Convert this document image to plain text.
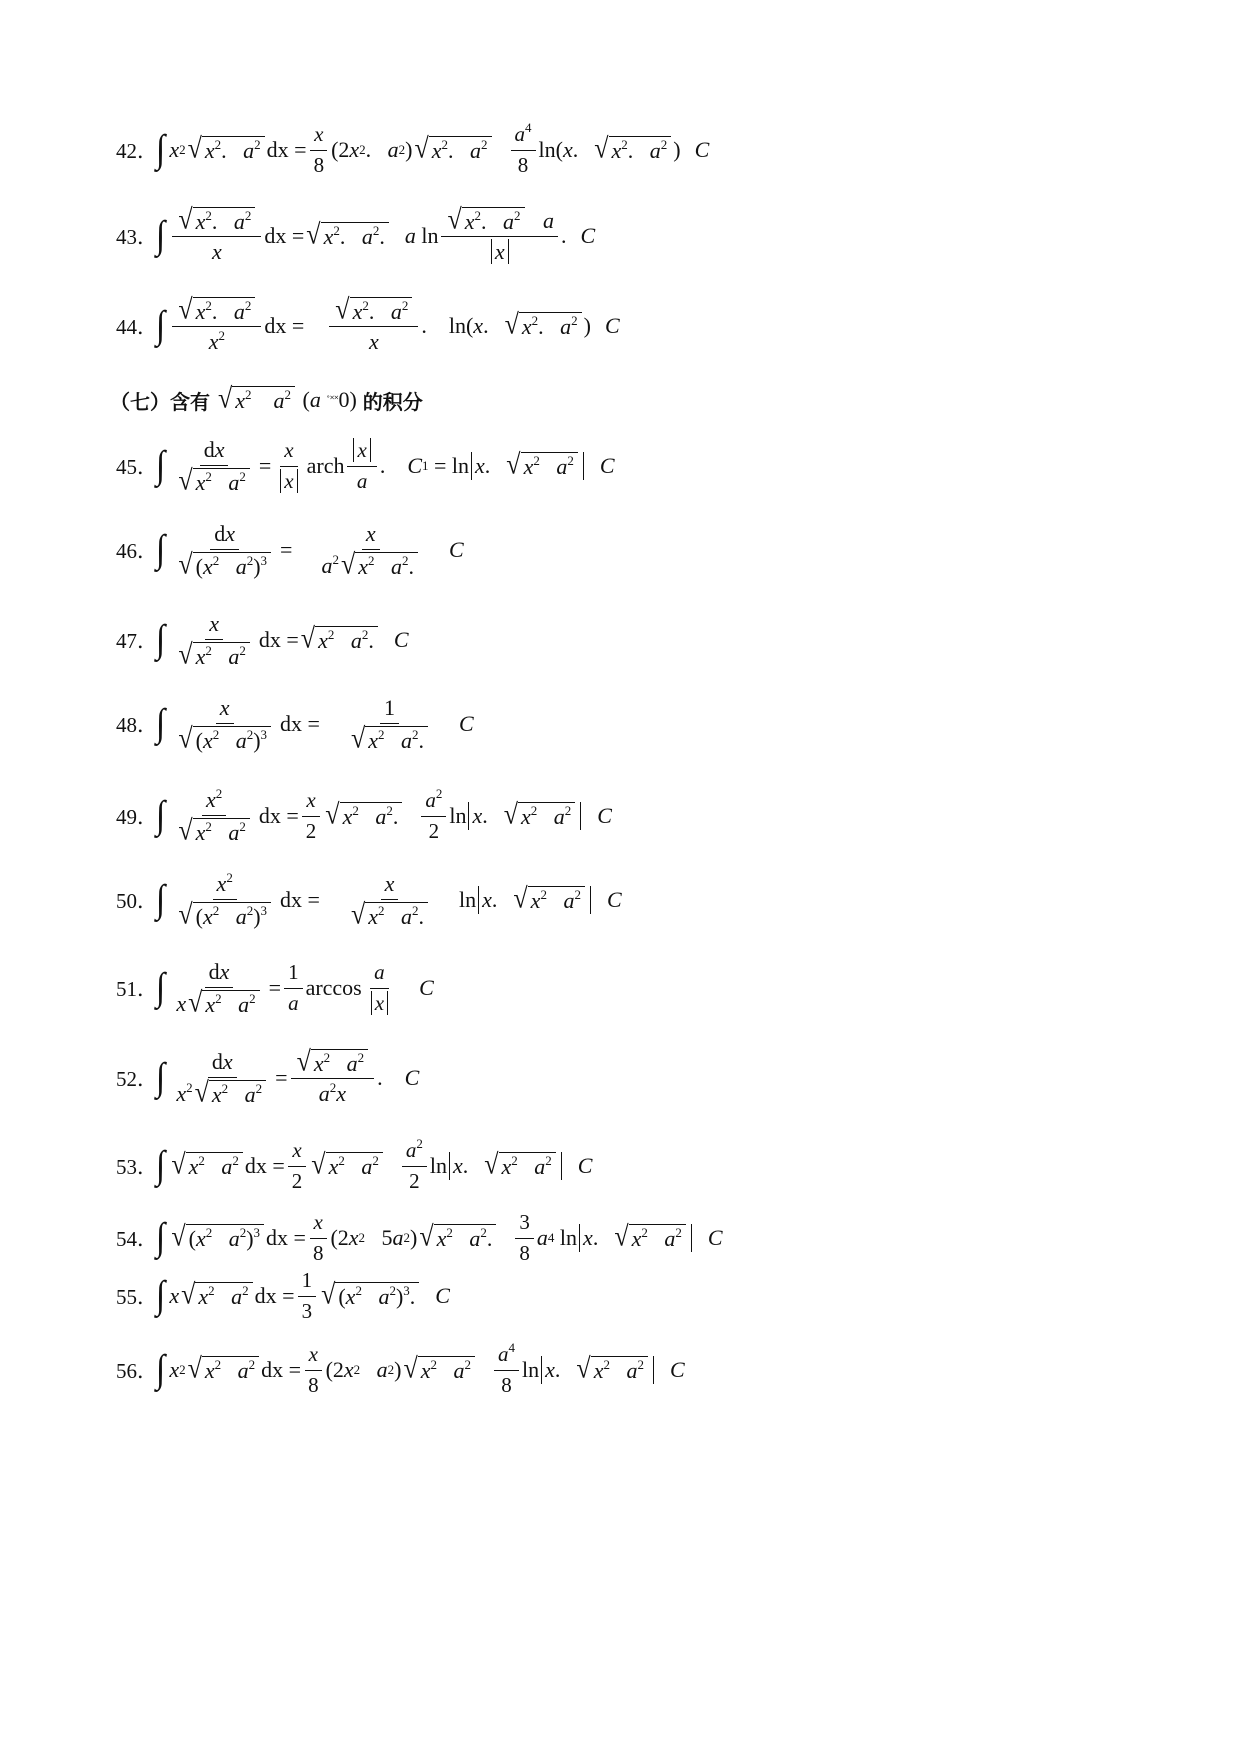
42．
∫ x 2 √ $x^2$.   $a^2$ dx = $\frac{x}{8} (2$ x 2 . a 2 ) √ $x^2$.   $a^2 \frac{a^4}{8} \ln$( x . √ $x^2$.   $a^2$ ) C
43．
∫ $\frac{√ x^2. a^2}{x}$ dx = √ $x^2$.   $a^2$. a $\ln \frac{√ x^2. a^2 a}{x}$ . C
44．
∫ $\frac{√ x^2. a^2}{x^2}$ dx = $\frac{√ x^2. a^2}{x}$ .
ln( x . √ $x^2$.   $a^2$ ) C
（七）含有 √ $x^2$ $a^2$ ( a
˚˟˟ 0) 的积分
45．
∫ $\frac{dx}{√ x^2 a^2} = \frac{x}{x}$ arch $\frac{x}{a}$ . C 1 = ln x. √ $x^2$ $a^2$ C
46．
∫ $\frac{dx}{√ (x^2 a^2)^3} = \frac{x}{a^2 √ x^2 a^2.}$ C
47．
∫ $\frac{x}{√ x^2 a^2}$ dx = √ $x^2$ $a^2$. C
48．
∫ $\frac{x}{√ (x^2 a^2)^3}$ dx = $\frac{1}{√ x^2 a^2.}$ C
49．
∫ $\frac{x^2}{√ x^2 a^2}$ dx = $\frac{x}{2}$ √ $x^2$ $a^2$. $\frac{a^2}{2}$ ln x. √ $x^2$ $a^2$ C
50．
∫ $\frac{x^2}{√ (x^2 a^2)^3}$ dx = $\frac{x}{√ x^2 a^2.}$ ln x. √ $x^2$ $a^2$ C
51．
∫ $\frac{dx}{x √ x^2 a^2} = \frac{1}{a}$ $\arccos \frac{a}{x}$ C
52．
∫ $\frac{dx}{x^2 √ x^2 a^2} = \frac{√ x^2 a^2}{a^2x}$ . C
53．
∫ √ $x^2$ $a^2$ dx = $\frac{x}{2}$ √ $x^2$ $a^2 \frac{a^2}{2}$ ln x. √ $x^2$ $a^2$ C
54．
∫ √ ($x^2$ $a^2)^3$ dx = $\frac{x}{8} (2$ x 2 5 a 2 ) √ $x^2$ $a^2$. $\frac{3}{8}$ a 4 ln x. √ $x^2$ $a^2$ C
55．
∫ x √ $x^2$ $a^2$ dx = $\frac{1}{3}$ √ ($x^2$ $a^2)^3$. C
56．
∫ x 2 √ $x^2$ $a^2$ dx = $\frac{x}{8} (2$ x 2
a 2 ) √ $x^2$ $a^2 \frac{a^4}{8}$ ln x. √ $x^2$ $a^2$ C
